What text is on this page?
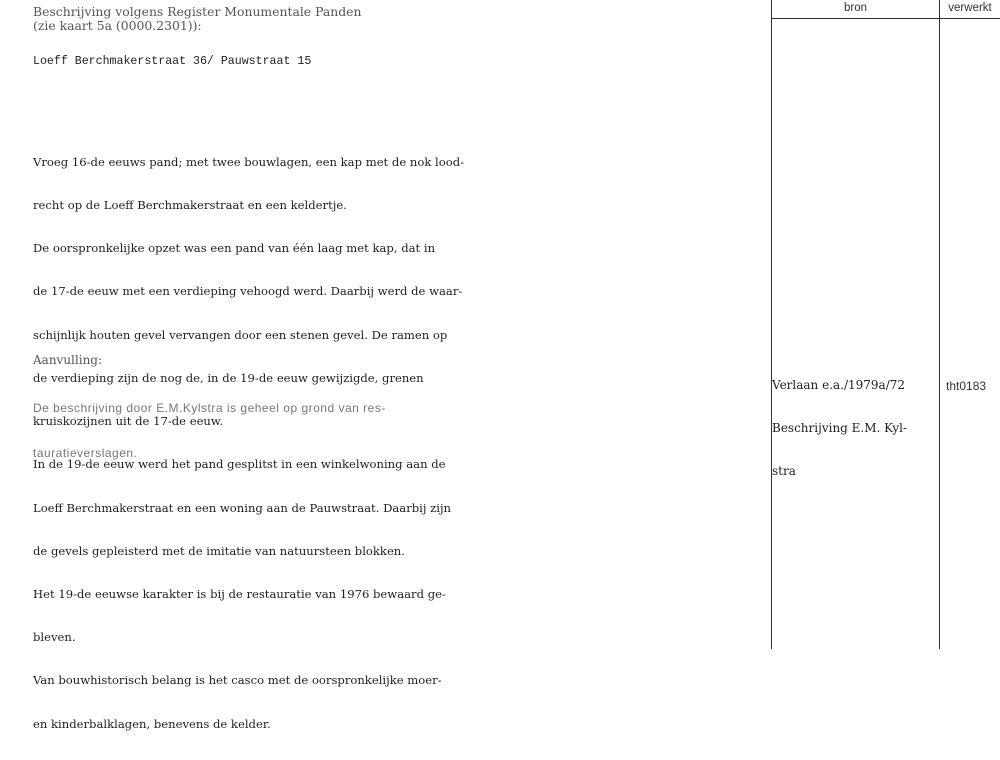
Beschrijving volgens Register Monumentale Panden
(zie kaart 5a (0000.2301)):
Loeff Berchmakerstraat 36/ Pauwstraat 15

Vroeg 16-de eeuws pand; met twee bouwlagen, een kap met de nok lood-

recht op de Loeff Berchmakerstraat en een keldertje.

De oorspronkelijke opzet was een pand van één laag met kap, dat in

de 17-de eeuw met een verdieping vehoogd werd. Daarbij werd de waar-

schijnlijk houten gevel vervangen door een stenen gevel. De ramen op

de verdieping zijn de nog de, in de 19-de eeuw gewijzigde, grenen

kruiskozijnen uit de 17-de eeuw.

In de 19-de eeuw werd het pand gesplitst in een winkelwoning aan de

Loeff Berchmakerstraat en een woning aan de Pauwstraat. Daarbij zijn

de gevels gepleisterd met de imitatie van natuursteen blokken.

Het 19-de eeuwse karakter is bij de restauratie van 1976 bewaard ge-

bleven.

Van bouwhistorisch belang is het casco met de oorspronkelijke moer-

en kinderbalklagen, benevens de kelder.

Aanvulling:

De beschrijving door E.M.Kylstra is geheel op grond van res-

tauratieverslagen.

bron	verwerkt

Verlaan e.a./1979a/72

Beschrijving E.M. Kyl-

stra

tht0183
